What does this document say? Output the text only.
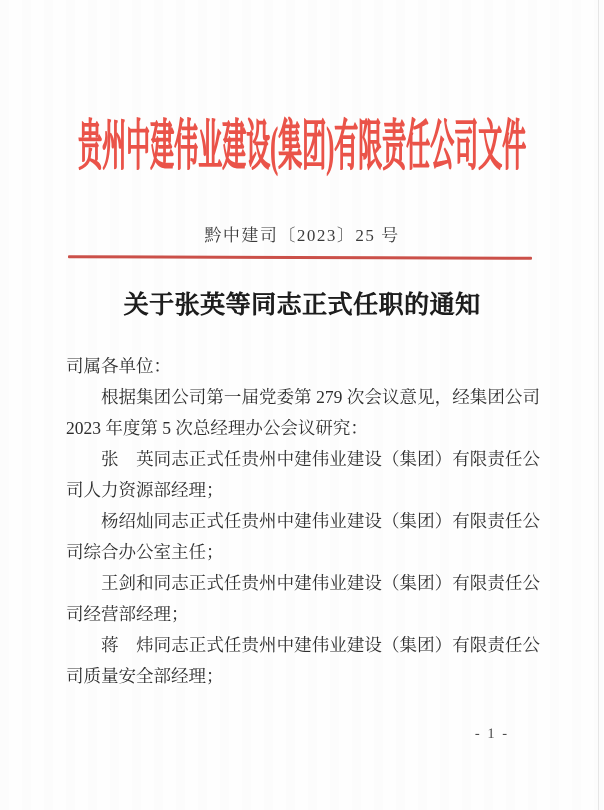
贵州中建伟业建设(集团)有限责任公司文件
黔中建司〔2023〕25 号
关于张英等同志正式任职的通知

司属各单位：

根据集团公司第一届党委第 279 次会议意见，经集团公司 2023 年度第 5 次总经理办公会议研究：

张　英同志正式任贵州中建伟业建设（集团）有限责任公司人力资源部经理；

杨绍灿同志正式任贵州中建伟业建设（集团）有限责任公司综合办公室主任；

王剑和同志正式任贵州中建伟业建设（集团）有限责任公司经营部经理；

蒋　炜同志正式任贵州中建伟业建设（集团）有限责任公司质量安全部经理；

- 1 -
